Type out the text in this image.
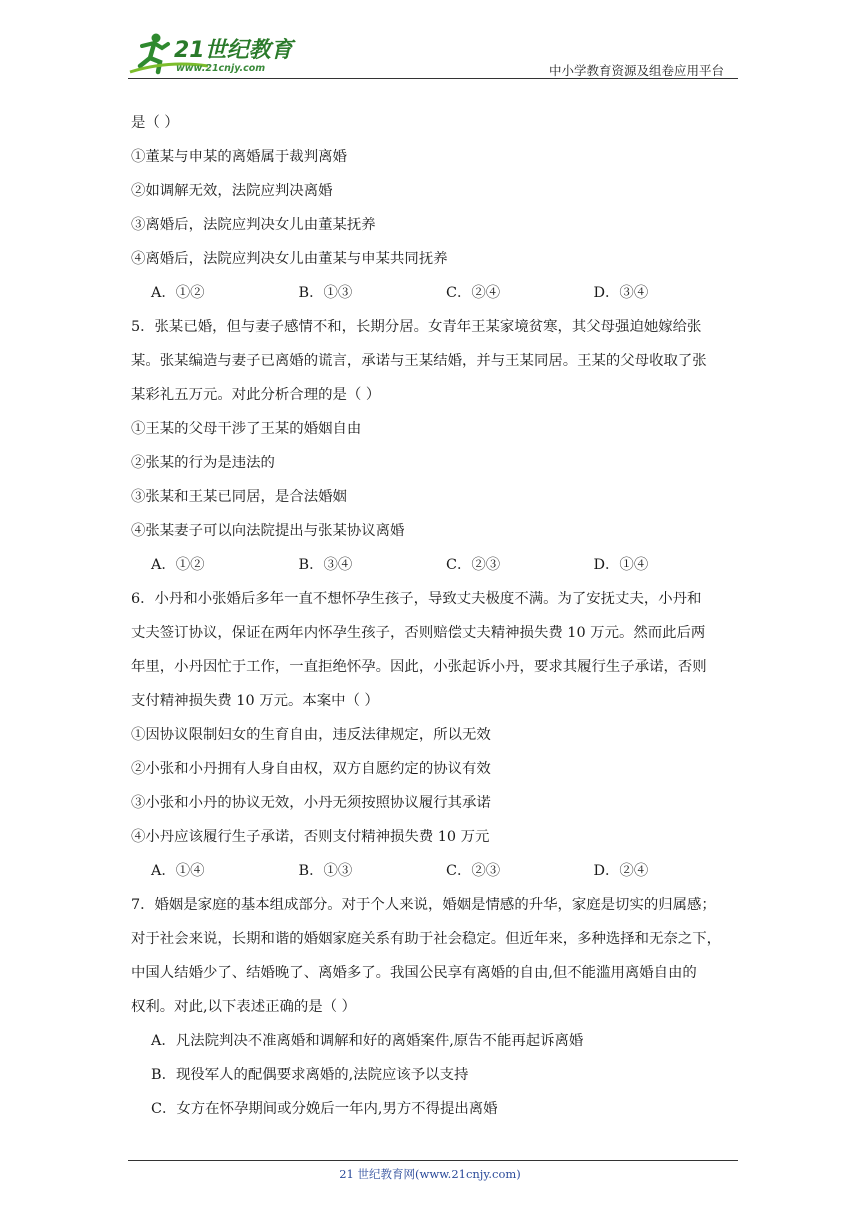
21世纪教育
www.21cnjy.com	中小学教育资源及组卷应用平台
是（ ）
①董某与申某的离婚属于裁判离婚
②如调解无效，法院应判决离婚
③离婚后，法院应判决女儿由董某抚养
④离婚后，法院应判决女儿由董某与申某共同抚养
A．①②	B．①③	C．②④	D．③④
5．张某已婚，但与妻子感情不和，长期分居。女青年王某家境贫寒，其父母强迫她嫁给张
某。张某编造与妻子已离婚的谎言，承诺与王某结婚，并与王某同居。王某的父母收取了张
某彩礼五万元。对此分析合理的是（ ）
①王某的父母干涉了王某的婚姻自由
②张某的行为是违法的
③张某和王某已同居，是合法婚姻
④张某妻子可以向法院提出与张某协议离婚
A．①②	B．③④	C．②③	D．①④
6．小丹和小张婚后多年一直不想怀孕生孩子，导致丈夫极度不满。为了安抚丈夫，小丹和
丈夫签订协议，保证在两年内怀孕生孩子，否则赔偿丈夫精神损失费 10 万元。然而此后两
年里，小丹因忙于工作，一直拒绝怀孕。因此，小张起诉小丹，要求其履行生子承诺，否则
支付精神损失费 10 万元。本案中（ ）
①因协议限制妇女的生育自由，违反法律规定，所以无效
②小张和小丹拥有人身自由权，双方自愿约定的协议有效
③小张和小丹的协议无效，小丹无须按照协议履行其承诺
④小丹应该履行生子承诺，否则支付精神损失费 10 万元
A．①④	B．①③	C．②③	D．②④
7．婚姻是家庭的基本组成部分。对于个人来说，婚姻是情感的升华，家庭是切实的归属感；
对于社会来说，长期和谐的婚姻家庭关系有助于社会稳定。但近年来，多种选择和无奈之下，
中国人结婚少了、结婚晚了、离婚多了。我国公民享有离婚的自由,但不能滥用离婚自由的
权利。对此,以下表述正确的是（ ）
A．凡法院判决不准离婚和调解和好的离婚案件,原告不能再起诉离婚
B．现役军人的配偶要求离婚的,法院应该予以支持
C．女方在怀孕期间或分娩后一年内,男方不得提出离婚
21 世纪教育网(www.21cnjy.com)
